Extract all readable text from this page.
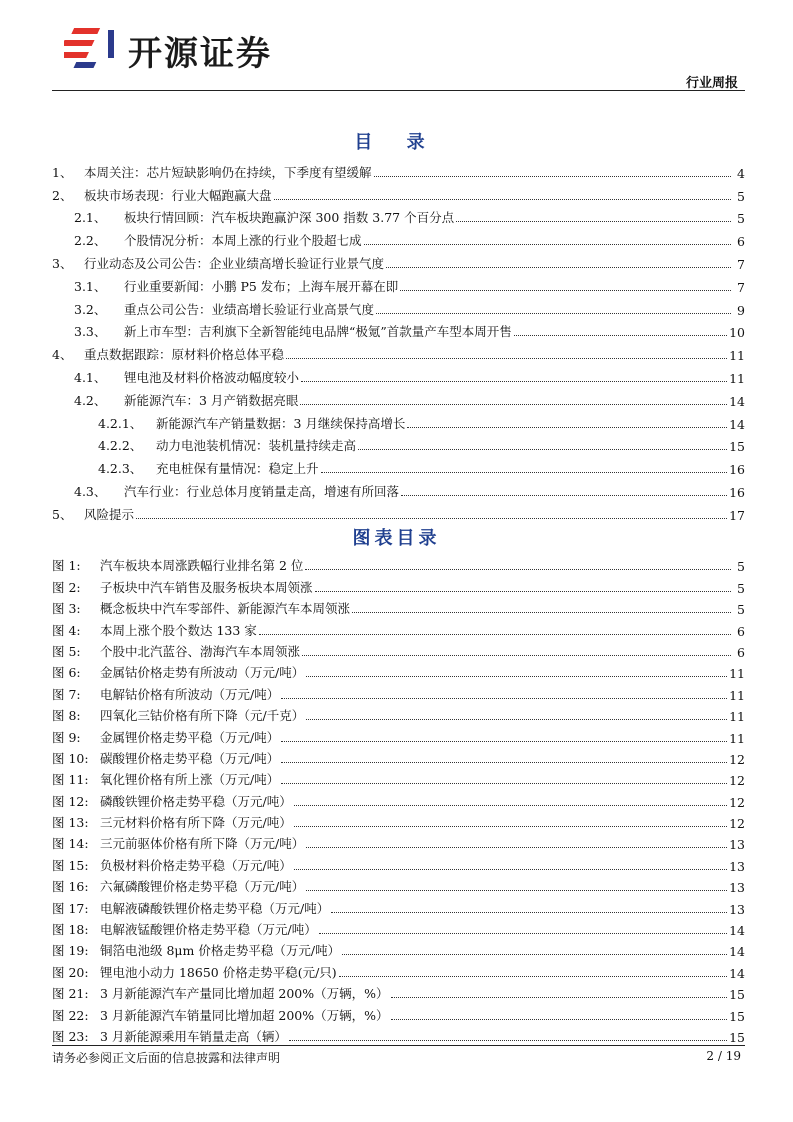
开源证券
行业周报
目 录
1、 本周关注：芯片短缺影响仍在持续，下季度有望缓解	4
2、 板块市场表现：行业大幅跑赢大盘	5
2.1、	板块行情回顾：汽车板块跑赢沪深 300 指数 3.77 个百分点	5
2.2、	个股情况分析：本周上涨的行业个股超七成	6
3、 行业动态及公司公告：企业业绩高增长验证行业景气度	7
3.1、	行业重要新闻：小鹏 P5 发布；上海车展开幕在即	7
3.2、	重点公司公告：业绩高增长验证行业高景气度	9
3.3、	新上市车型：吉利旗下全新智能纯电品牌“极氪”首款量产车型本周开售	10
4、 重点数据跟踪：原材料价格总体平稳	11
4.1、	锂电池及材料价格波动幅度较小	11
4.2、	新能源汽车：3 月产销数据亮眼	14
4.2.1、	新能源汽车产销量数据：3 月继续保持高增长	14
4.2.2、	动力电池装机情况：装机量持续走高	15
4.2.3、	充电桩保有量情况：稳定上升	16
4.3、	汽车行业：行业总体月度销量走高，增速有所回落	16
5、 风险提示	17
图表目录
图 1:	汽车板块本周涨跌幅行业排名第 2 位	5
图 2:	子板块中汽车销售及服务板块本周领涨	5
图 3:	概念板块中汽车零部件、新能源汽车本周领涨	5
图 4:	本周上涨个股个数达 133 家	6
图 5:	个股中北汽蓝谷、渤海汽车本周领涨	6
图 6:	金属钴价格走势有所波动（万元/吨）	11
图 7:	电解钴价格有所波动（万元/吨）	11
图 8:	四氧化三钴价格有所下降（元/千克）	11
图 9:	金属锂价格走势平稳（万元/吨）	11
图 10: 碳酸锂价格走势平稳（万元/吨）	12
图 11: 氧化锂价格有所上涨（万元/吨）	12
图 12: 磷酸铁锂价格走势平稳（万元/吨）	12
图 13: 三元材料价格有所下降（万元/吨）	12
图 14: 三元前驱体价格有所下降（万元/吨）	13
图 15: 负极材料价格走势平稳（万元/吨）	13
图 16: 六氟磷酸锂价格走势平稳（万元/吨）	13
图 17: 电解液磷酸铁锂价格走势平稳（万元/吨）	13
图 18: 电解液锰酸锂价格走势平稳（万元/吨）	14
图 19: 铜箔电池级 8μm 价格走势平稳（万元/吨）	14
图 20: 锂电池小动力 18650 价格走势平稳(元/只)	14
图 21: 3 月新能源汽车产量同比增加超 200%（万辆，%）	15
图 22: 3 月新能源汽车销量同比增加超 200%（万辆，%）	15
图 23: 3 月新能源乘用车销量走高（辆）	15
请务必参阅正文后面的信息披露和法律声明	2 / 19
